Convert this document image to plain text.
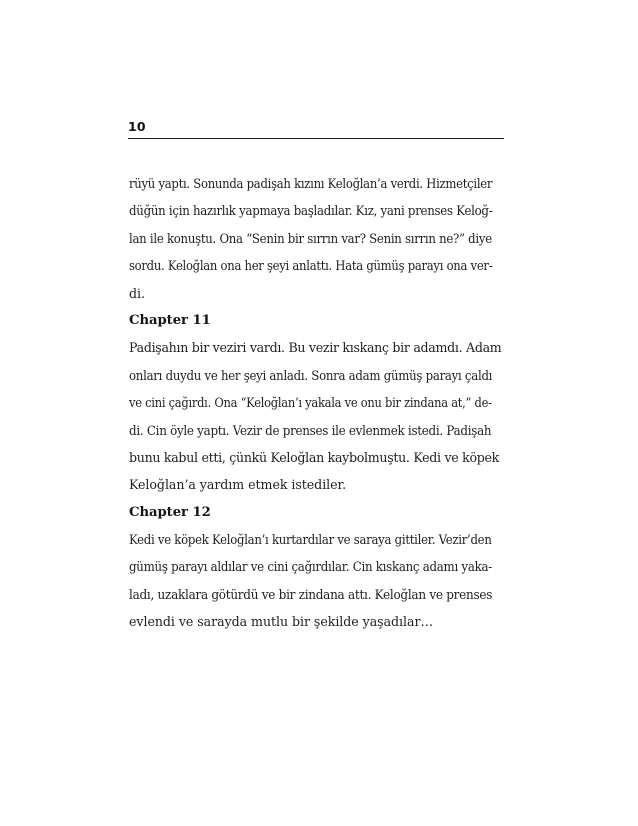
10
rüyü yaptı. Sonunda padişah kızını Keloğlan’a verdi. Hizmetçiler
düğün için hazırlık yapmaya başladılar. Kız, yani prenses Keloğ-
lan ile konuştu. Ona “Senin bir sırrın var? Senin sırrın ne?” diye
sordu. Keloğlan ona her şeyi anlattı. Hata gümüş parayı ona ver-
di.
Chapter 11
Padişahın bir veziri vardı. Bu vezir kıskanç bir adamdı. Adam
onları duydu ve her şeyi anladı. Sonra adam gümüş parayı çaldı
ve cini çağırdı. Ona “Keloğlan’ı yakala ve onu bir zindana at,” de-
di. Cin öyle yaptı. Vezir de prenses ile evlenmek istedi. Padişah
bunu kabul etti, çünkü Keloğlan kaybolmuştu. Kedi ve köpek
Keloğlan’a yardım etmek istediler.
Chapter 12
Kedi ve köpek Keloğlan’ı kurtardılar ve saraya gittiler. Vezir’den
gümüş parayı aldılar ve cini çağırdılar. Cin kıskanç adamı yaka-
ladı, uzaklara götürdü ve bir zindana attı. Keloğlan ve prenses
evlendi ve sarayda mutlu bir şekilde yaşadılar…
